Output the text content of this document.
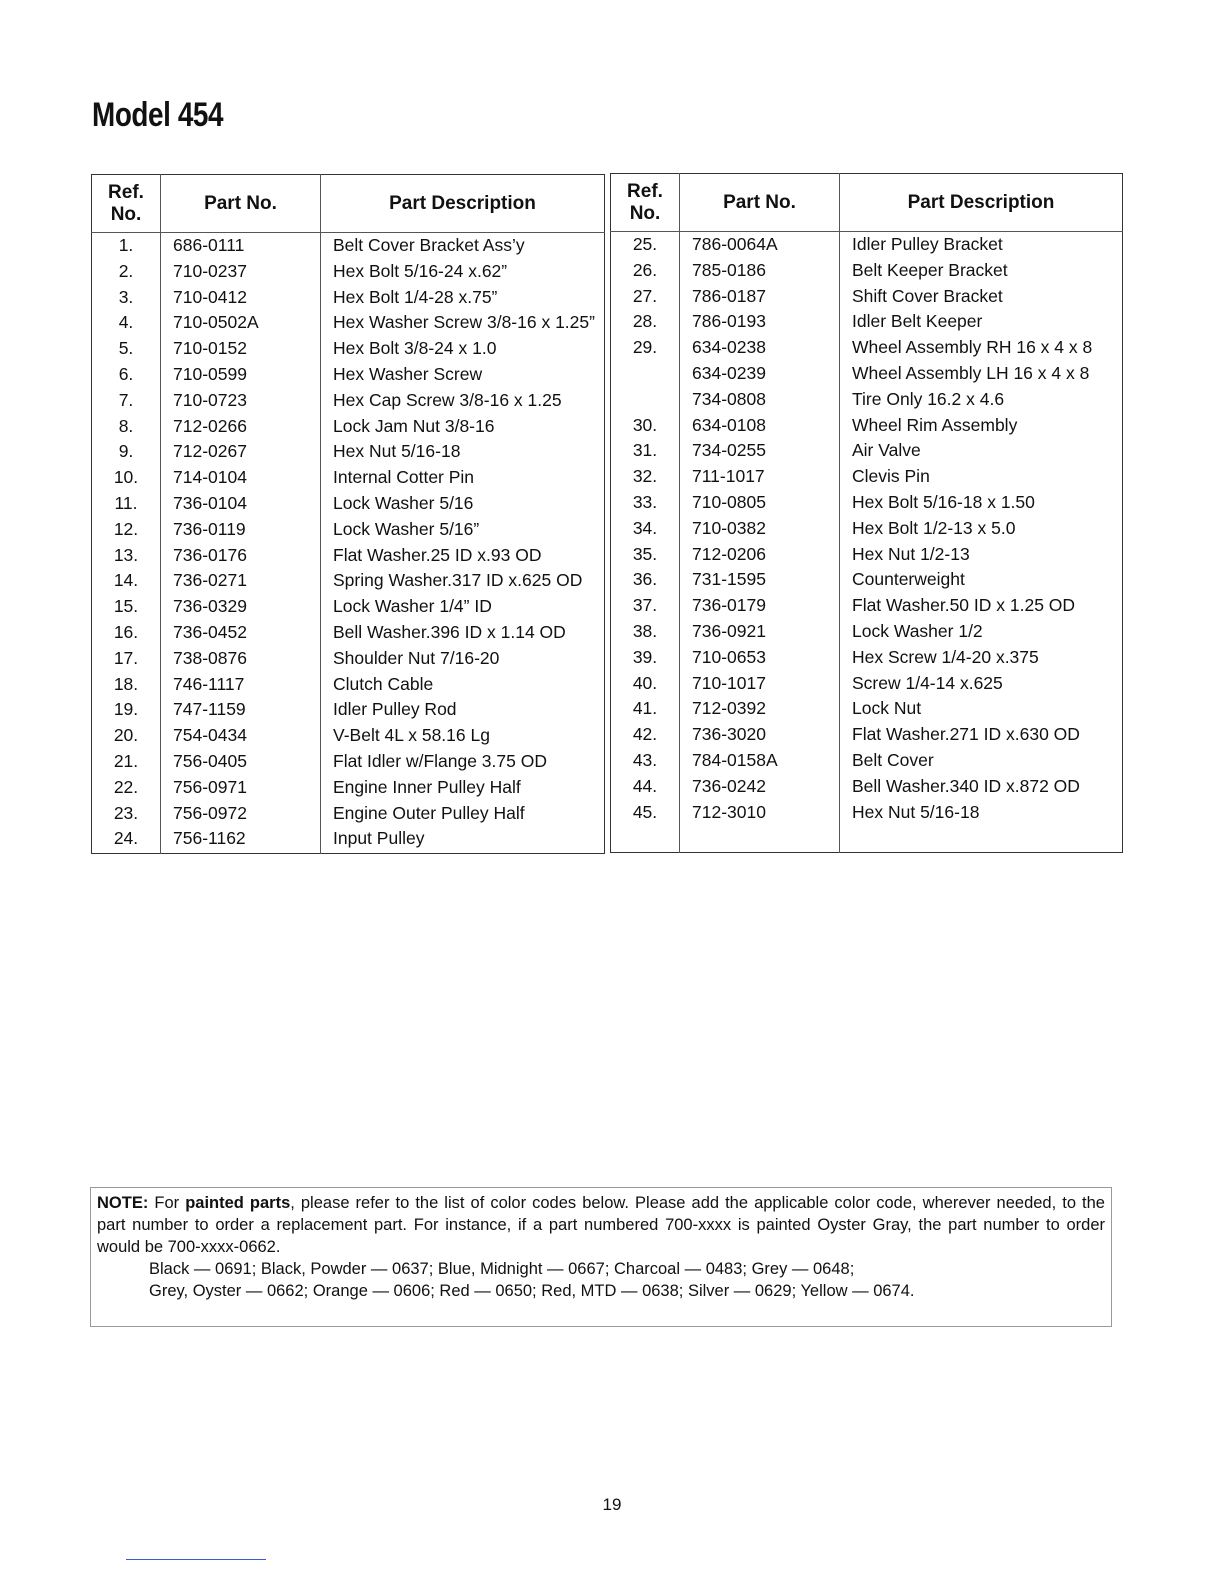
Model 454
Ref.
No.	Part No.	Part Description
1.	686-0111	Belt Cover Bracket Ass’y
2.	710-0237	Hex Bolt 5/16-24 x.62”
3.	710-0412	Hex Bolt 1/4-28 x.75”
4.	710-0502A	Hex Washer Screw 3/8-16 x 1.25”
5.	710-0152	Hex Bolt 3/8-24 x 1.0
6.	710-0599	Hex Washer Screw
7.	710-0723	Hex Cap Screw 3/8-16 x 1.25
8.	712-0266	Lock Jam Nut 3/8-16
9.	712-0267	Hex Nut 5/16-18
10.	714-0104	Internal Cotter Pin
11.	736-0104	Lock Washer 5/16
12.	736-0119	Lock Washer 5/16”
13.	736-0176	Flat Washer.25 ID x.93 OD
14.	736-0271	Spring Washer.317 ID x.625 OD
15.	736-0329	Lock Washer 1/4” ID
16.	736-0452	Bell Washer.396 ID x 1.14 OD
17.	738-0876	Shoulder Nut 7/16-20
18.	746-1117	Clutch Cable
19.	747-1159	Idler Pulley Rod
20.	754-0434	V-Belt 4L x 58.16 Lg
21.	756-0405	Flat Idler w/Flange 3.75 OD
22.	756-0971	Engine Inner Pulley Half
23.	756-0972	Engine Outer Pulley Half
24.	756-1162	Input Pulley

Ref.
No.	Part No.	Part Description
25.	786-0064A	Idler Pulley Bracket
26.	785-0186	Belt Keeper Bracket
27.	786-0187	Shift Cover Bracket
28.	786-0193	Idler Belt Keeper
29.	634-0238	Wheel Assembly RH 16 x 4 x 8
	634-0239	Wheel Assembly LH 16 x 4 x 8
	734-0808	Tire Only 16.2 x 4.6
30.	634-0108	Wheel Rim Assembly
31.	734-0255	Air Valve
32.	711-1017	Clevis Pin
33.	710-0805	Hex Bolt 5/16-18 x 1.50
34.	710-0382	Hex Bolt 1/2-13 x 5.0
35.	712-0206	Hex Nut 1/2-13
36.	731-1595	Counterweight
37.	736-0179	Flat Washer.50 ID x 1.25 OD
38.	736-0921	Lock Washer 1/2
39.	710-0653	Hex Screw 1/4-20 x.375
40.	710-1017	Screw 1/4-14 x.625
41.	712-0392	Lock Nut
42.	736-3020	Flat Washer.271 ID x.630 OD
43.	784-0158A	Belt Cover
44.	736-0242	Bell Washer.340 ID x.872 OD
45.	712-3010	Hex Nut 5/16-18

NOTE: For painted parts, please refer to the list of color codes below. Please add the applicable color code, wherever needed, to the part number to order a replacement part. For instance, if a part numbered 700-xxxx is painted Oyster Gray, the part number to order would be 700-xxxx-0662.
Black — 0691; Black, Powder — 0637; Blue, Midnight — 0667; Charcoal — 0483; Grey — 0648;
Grey, Oyster — 0662; Orange — 0606; Red — 0650; Red, MTD — 0638; Silver — 0629; Yellow — 0674.
19
